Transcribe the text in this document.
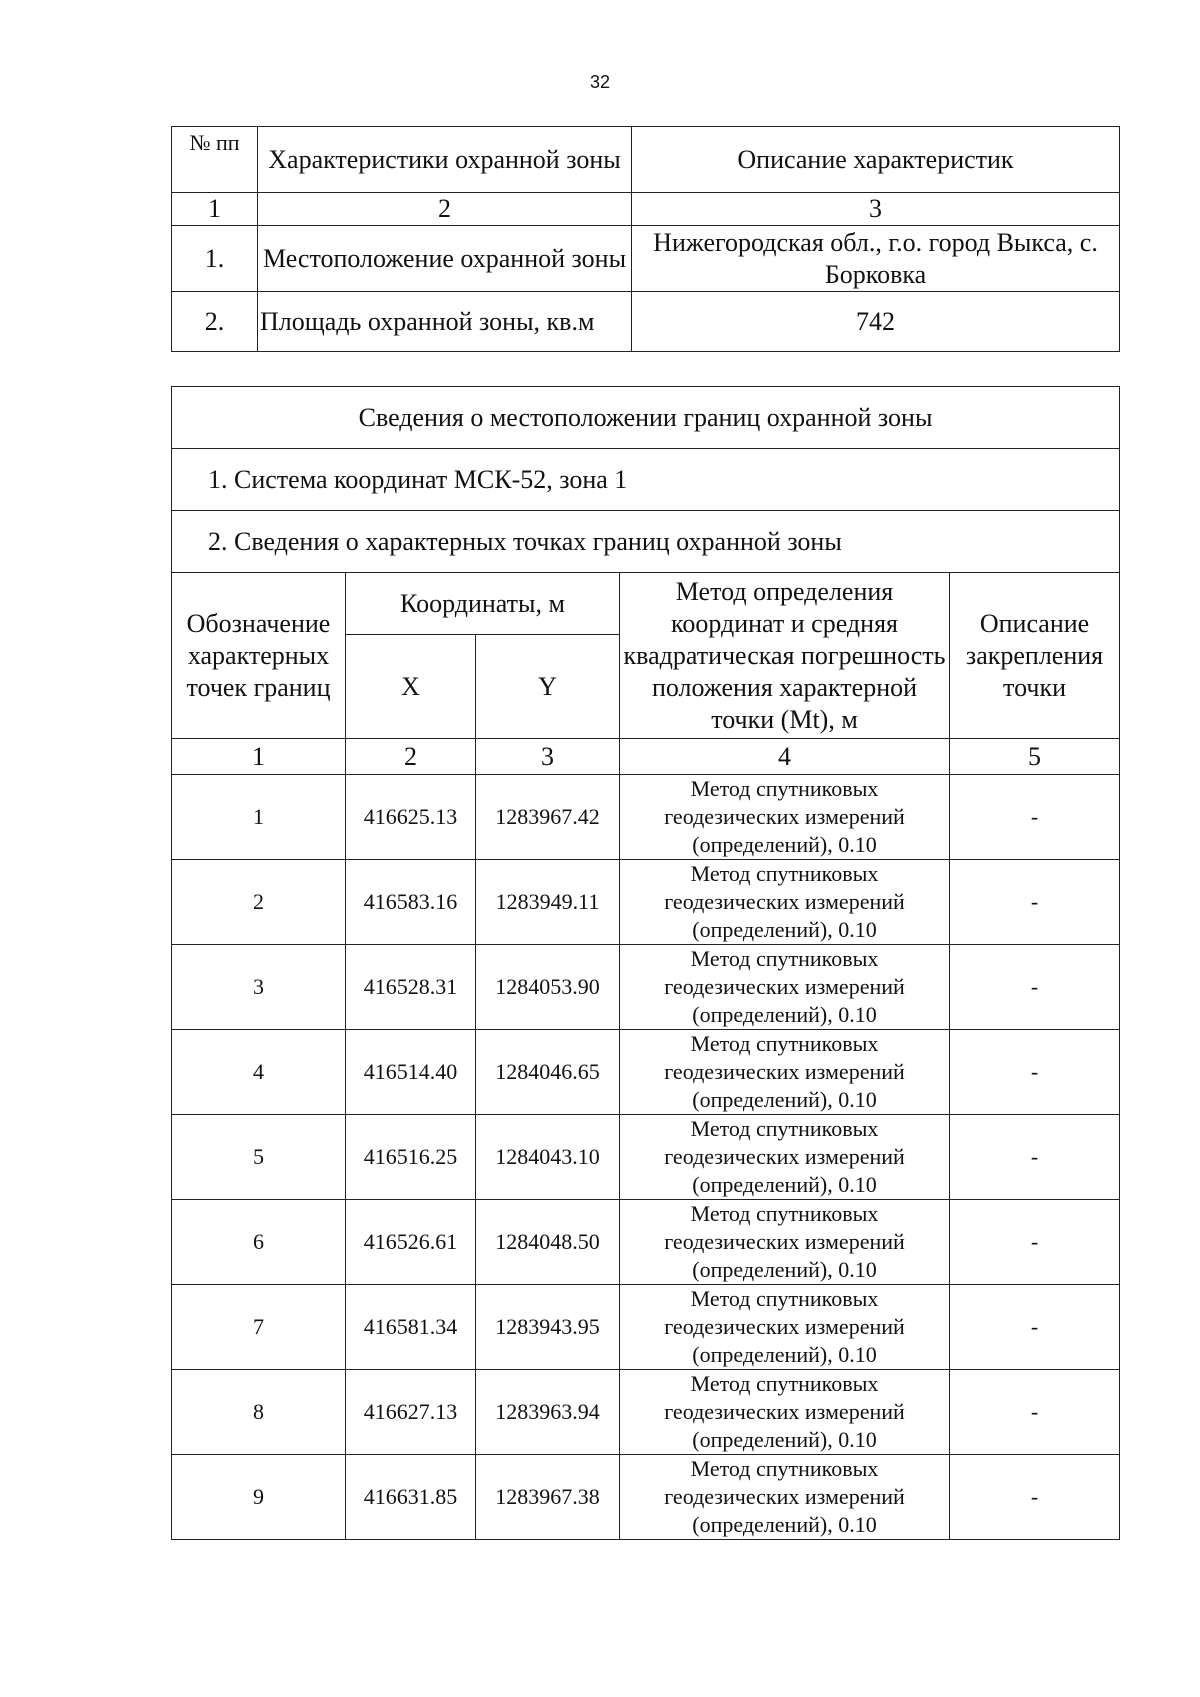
32
№ пп	Характеристики охранной зоны	Описание характеристик
1	2	3
1.	Местоположение охранной зоны	Нижегородская обл., г.о. город Выкса, с. Борковка
2.	Площадь охранной зоны, кв.м	742
Сведения о местоположении границ охранной зоны				
1. Система координат МСК-52, зона 1				
2. Сведения о характерных точках границ охранной зоны				
Обозначение характерных точек границ	Координаты, м		Метод определения координат и средняя квадратическая погрешность положения характерной точки (Mt), м	Описание закрепления точки
	X	Y		
1	2	3	4	5
1	416625.13	1283967.42	Метод спутниковых геодезических измерений (определений), 0.10	-
2	416583.16	1283949.11	Метод спутниковых геодезических измерений (определений), 0.10	-
3	416528.31	1284053.90	Метод спутниковых геодезических измерений (определений), 0.10	-
4	416514.40	1284046.65	Метод спутниковых геодезических измерений (определений), 0.10	-
5	416516.25	1284043.10	Метод спутниковых геодезических измерений (определений), 0.10	-
6	416526.61	1284048.50	Метод спутниковых геодезических измерений (определений), 0.10	-
7	416581.34	1283943.95	Метод спутниковых геодезических измерений (определений), 0.10	-
8	416627.13	1283963.94	Метод спутниковых геодезических измерений (определений), 0.10	-
9	416631.85	1283967.38	Метод спутниковых геодезических измерений (определений), 0.10	-
